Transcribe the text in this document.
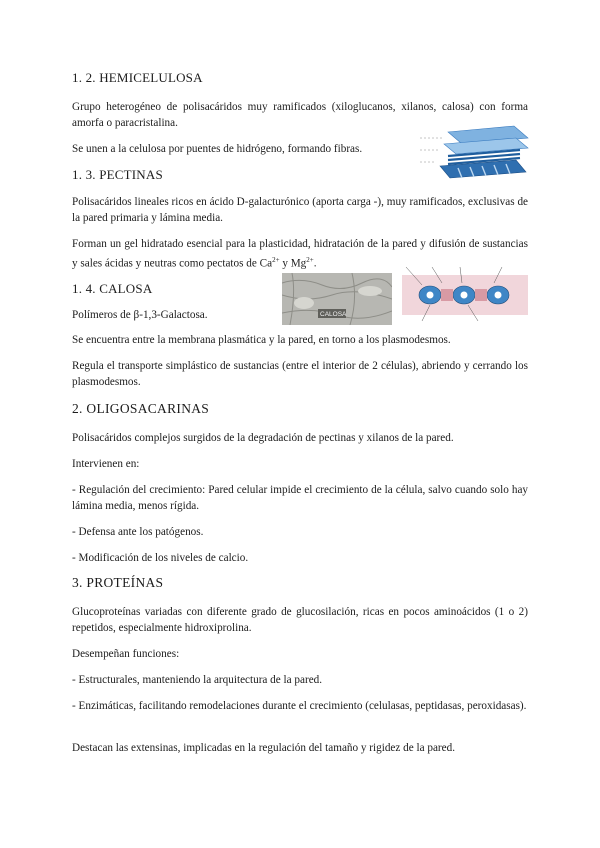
1. 2. HEMICELULOSA

Grupo heterogéneo de polisacáridos muy ramificados (xiloglucanos, xilanos, calosa) con forma amorfa o paracristalina.

Se unen a la celulosa por puentes de hidrógeno, formando fibras.

1. 3. PECTINAS

Polisacáridos lineales ricos en ácido D-galacturónico (aporta carga -), muy ramificados, exclusivas de la pared primaria y lámina media.

Forman un gel hidratado esencial para la plasticidad, hidratación de la pared y difusión de sustancias y sales ácidas y neutras como pectatos de $Ca^{2+}$ y $Mg^{2+}$.

1. 4. CALOSA

Polímeros de β-1,3-Galactosa.	CALOSA

Se encuentra entre la membrana plasmática y la pared, en torno a los plasmodesmos.

Regula el transporte simplástico de sustancias (entre el interior de 2 células), abriendo y cerrando los plasmodesmos.

2. OLIGOSACARINAS

Polisacáridos complejos surgidos de la degradación de pectinas y xilanos de la pared.

Intervienen en:

- Regulación del crecimiento: Pared celular impide el crecimiento de la célula, salvo cuando solo hay lámina media, menos rígida.

- Defensa ante los patógenos.

- Modificación de los niveles de calcio.

3. PROTEÍNAS

Glucoproteínas variadas con diferente grado de glucosilación, ricas en pocos aminoácidos (1 o 2) repetidos, especialmente hidroxiprolina.

Desempeñan funciones:

- Estructurales, manteniendo la arquitectura de la pared.

- Enzimáticas, facilitando remodelaciones durante el crecimiento (celulasas, peptidasas, peroxidasas).

Destacan las extensinas, implicadas en la regulación del tamaño y rigidez de la pared.
